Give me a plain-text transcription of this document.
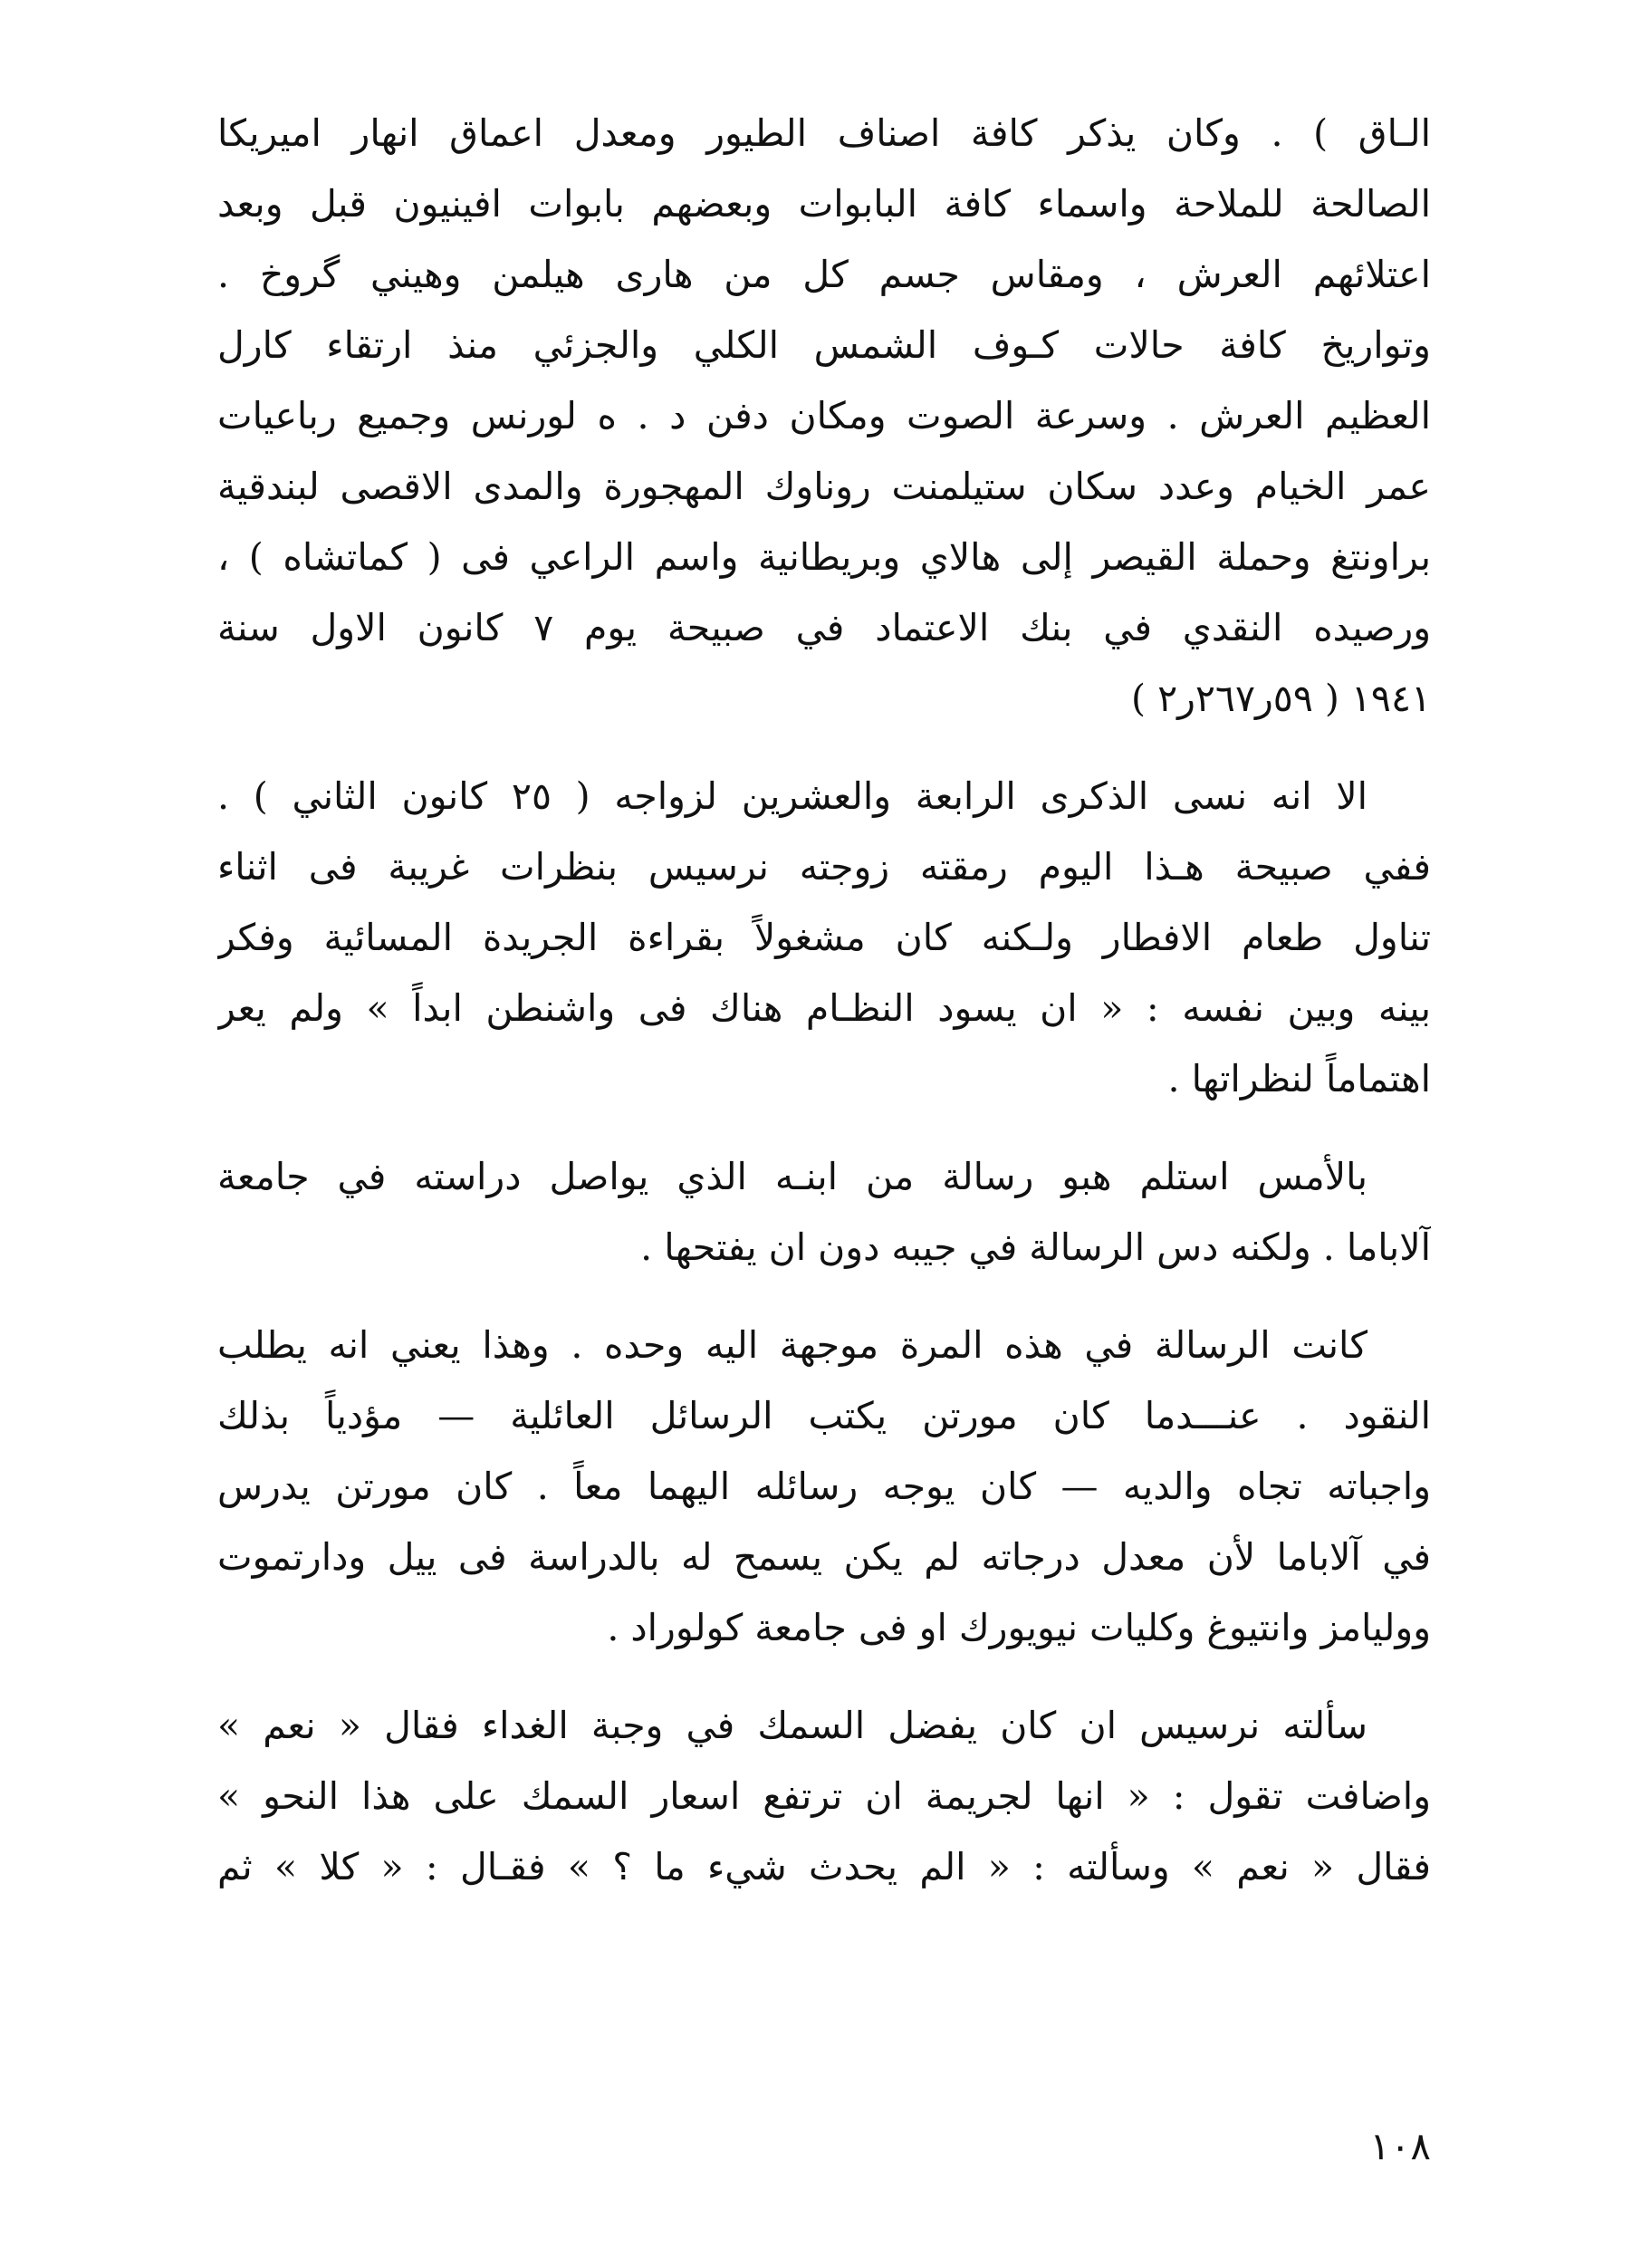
الـاق ) . وكان يذكر كافة اصناف الطيور ومعدل اعماق انهار اميريكا
الصالحة للملاحة واسماء كافة البابوات وبعضهم بابوات افينيون قبل وبعد
اعتلائهم العرش ، ومقاس جسم كل من هارى هيلمن وهيني گروخ .
وتواريخ كافة حالات كـوف الشمس الكلي والجزئي منذ ارتقاء كارل
العظيم العرش . وسرعة الصوت ومكان دفن د . ه لورنس وجميع رباعيات
عمر الخيام وعدد سكان ستيلمنت روناوك المهجورة والمدى الاقصى لبندقية
براونتغ وحملة القيصر إلى هالاي وبريطانية واسم الراعي فى ( كماتشاه ) ،
ورصيده النقدي في بنك الاعتماد في صبيحة يوم ٧ كانون الاول سنة
١٩٤١ ( ٥٩ر٢٦٧ر٢ )
الا انه نسى الذكرى الرابعة والعشرين لزواجه ( ٢٥ كانون الثاني ) .
ففي صبيحة هـذا اليوم رمقته زوجته نرسيس بنظرات غريبة فى اثناء
تناول طعام الافطار ولـكنه كان مشغولاً بقراءة الجريدة المسائية وفكر
بينه وبين نفسه : « ان يسود النظـام هناك فى واشنطن ابداً » ولم يعر
اهتماماً لنظراتها .
بالأمس استلم هبو رسالة من ابنـه الذي يواصل دراسته في جامعة
آلاباما . ولكنه دس الرسالة في جيبه دون ان يفتحها .
كانت الرسالة في هذه المرة موجهة اليه وحده . وهذا يعني انه يطلب
النقود . عنـــدما كان مورتن يكتب الرسائل العائلية — مؤدياً بذلك
واجباته تجاه والديه — كان يوجه رسائله اليهما معاً . كان مورتن يدرس
في آلاباما لأن معدل درجاته لم يكن يسمح له بالدراسة فى ييل ودارتموت
ووليامز وانتيوغ وكليات نيويورك او فى جامعة كولوراد .
سألته نرسيس ان كان يفضل السمك في وجبة الغداء فقال « نعم »
واضافت تقول : « انها لجريمة ان ترتفع اسعار السمك على هذا النحو »
فقال « نعم » وسألته : « الم يحدث شيء ما ؟ » فقـال : « كلا » ثم
١٠٨
